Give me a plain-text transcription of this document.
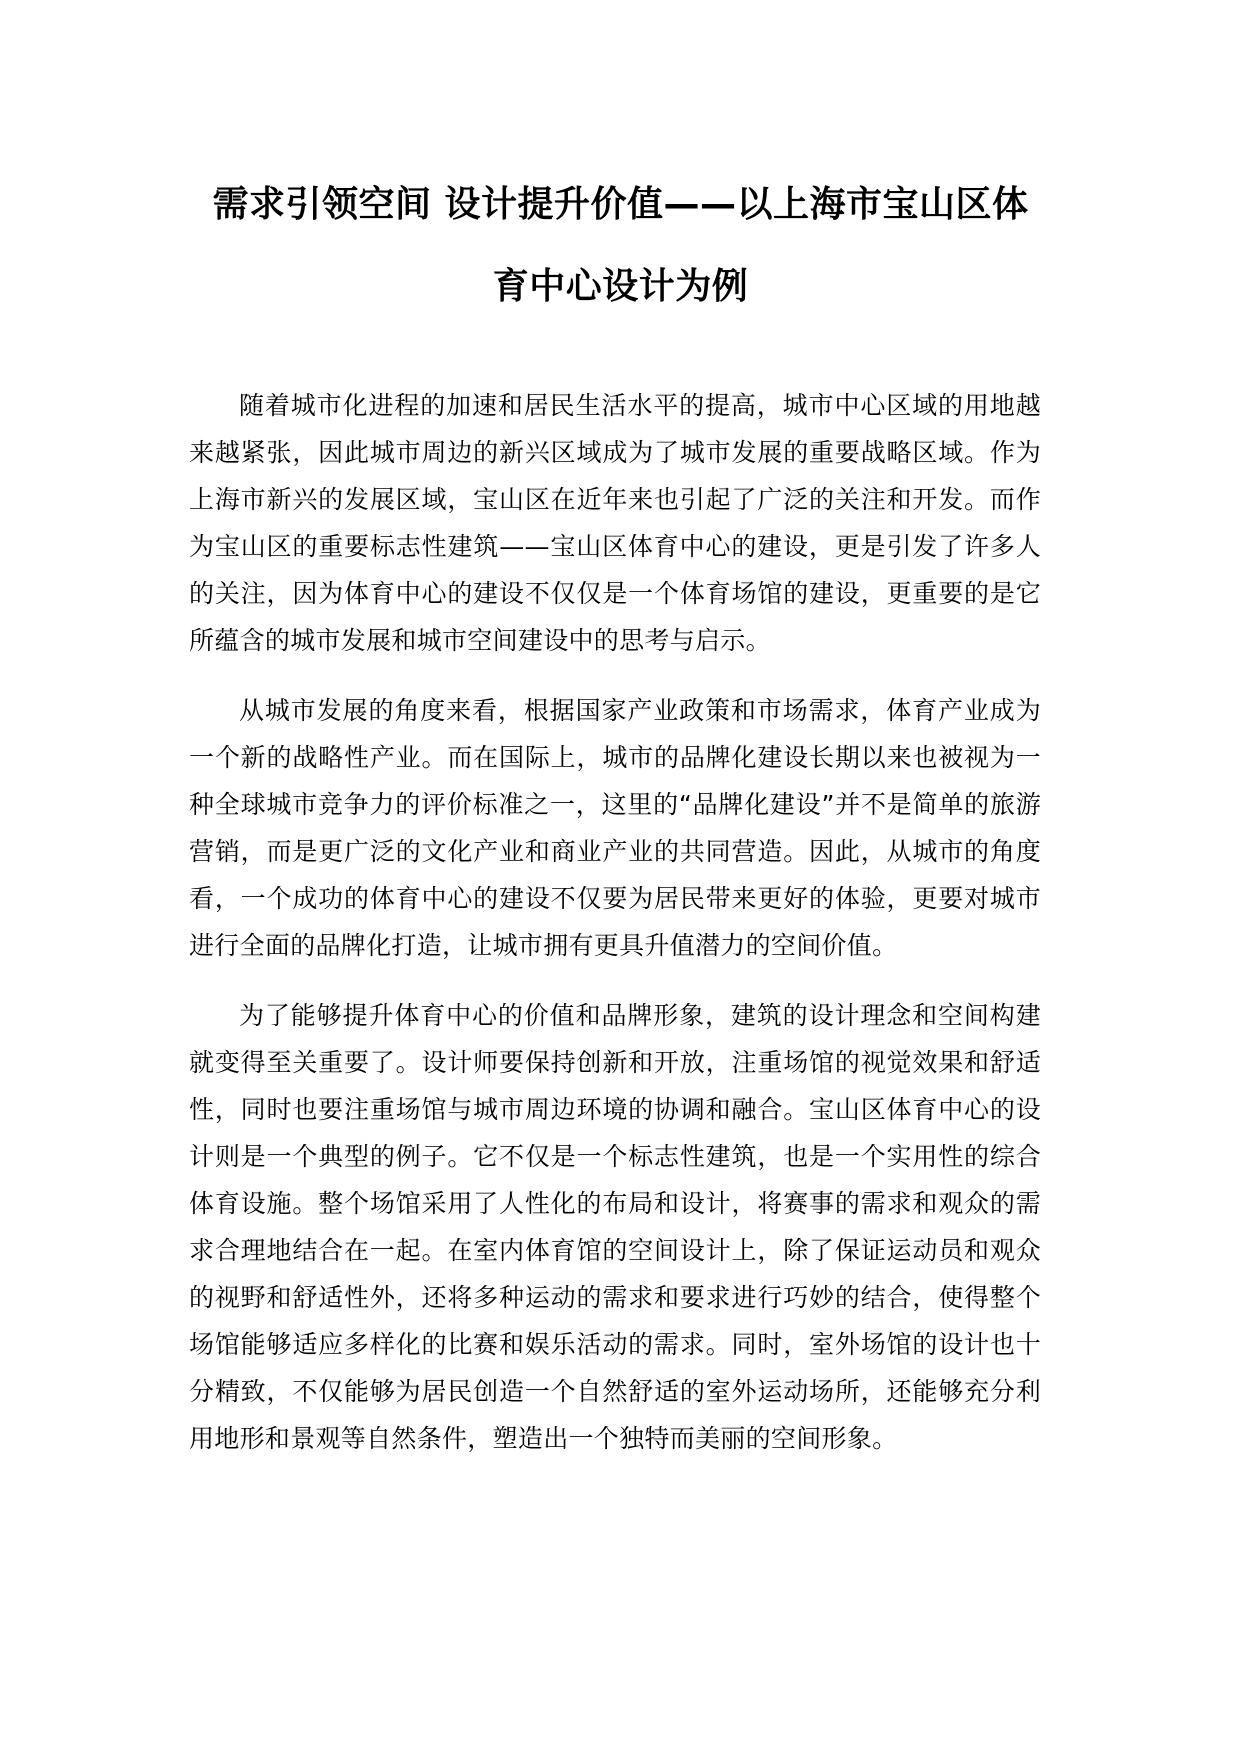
需求引领空间 设计提升价值——以上海市宝山区体
育中心设计为例

随着城市化进程的加速和居民生活水平的提高，城市中心区域的用地越来越紧张，因此城市周边的新兴区域成为了城市发展的重要战略区域。作为上海市新兴的发展区域，宝山区在近年来也引起了广泛的关注和开发。而作为宝山区的重要标志性建筑——宝山区体育中心的建设，更是引发了许多人的关注，因为体育中心的建设不仅仅是一个体育场馆的建设，更重要的是它所蕴含的城市发展和城市空间建设中的思考与启示。

从城市发展的角度来看，根据国家产业政策和市场需求，体育产业成为一个新的战略性产业。而在国际上，城市的品牌化建设长期以来也被视为一种全球城市竞争力的评价标准之一，这里的“品牌化建设”并不是简单的旅游营销，而是更广泛的文化产业和商业产业的共同营造。因此，从城市的角度看，一个成功的体育中心的建设不仅要为居民带来更好的体验，更要对城市进行全面的品牌化打造，让城市拥有更具升值潜力的空间价值。

为了能够提升体育中心的价值和品牌形象，建筑的设计理念和空间构建就变得至关重要了。设计师要保持创新和开放，注重场馆的视觉效果和舒适性，同时也要注重场馆与城市周边环境的协调和融合。宝山区体育中心的设计则是一个典型的例子。它不仅是一个标志性建筑，也是一个实用性的综合体育设施。整个场馆采用了人性化的布局和设计，将赛事的需求和观众的需求合理地结合在一起。在室内体育馆的空间设计上，除了保证运动员和观众的视野和舒适性外，还将多种运动的需求和要求进行巧妙的结合，使得整个场馆能够适应多样化的比赛和娱乐活动的需求。同时，室外场馆的设计也十分精致，不仅能够为居民创造一个自然舒适的室外运动场所，还能够充分利用地形和景观等自然条件，塑造出一个独特而美丽的空间形象。
